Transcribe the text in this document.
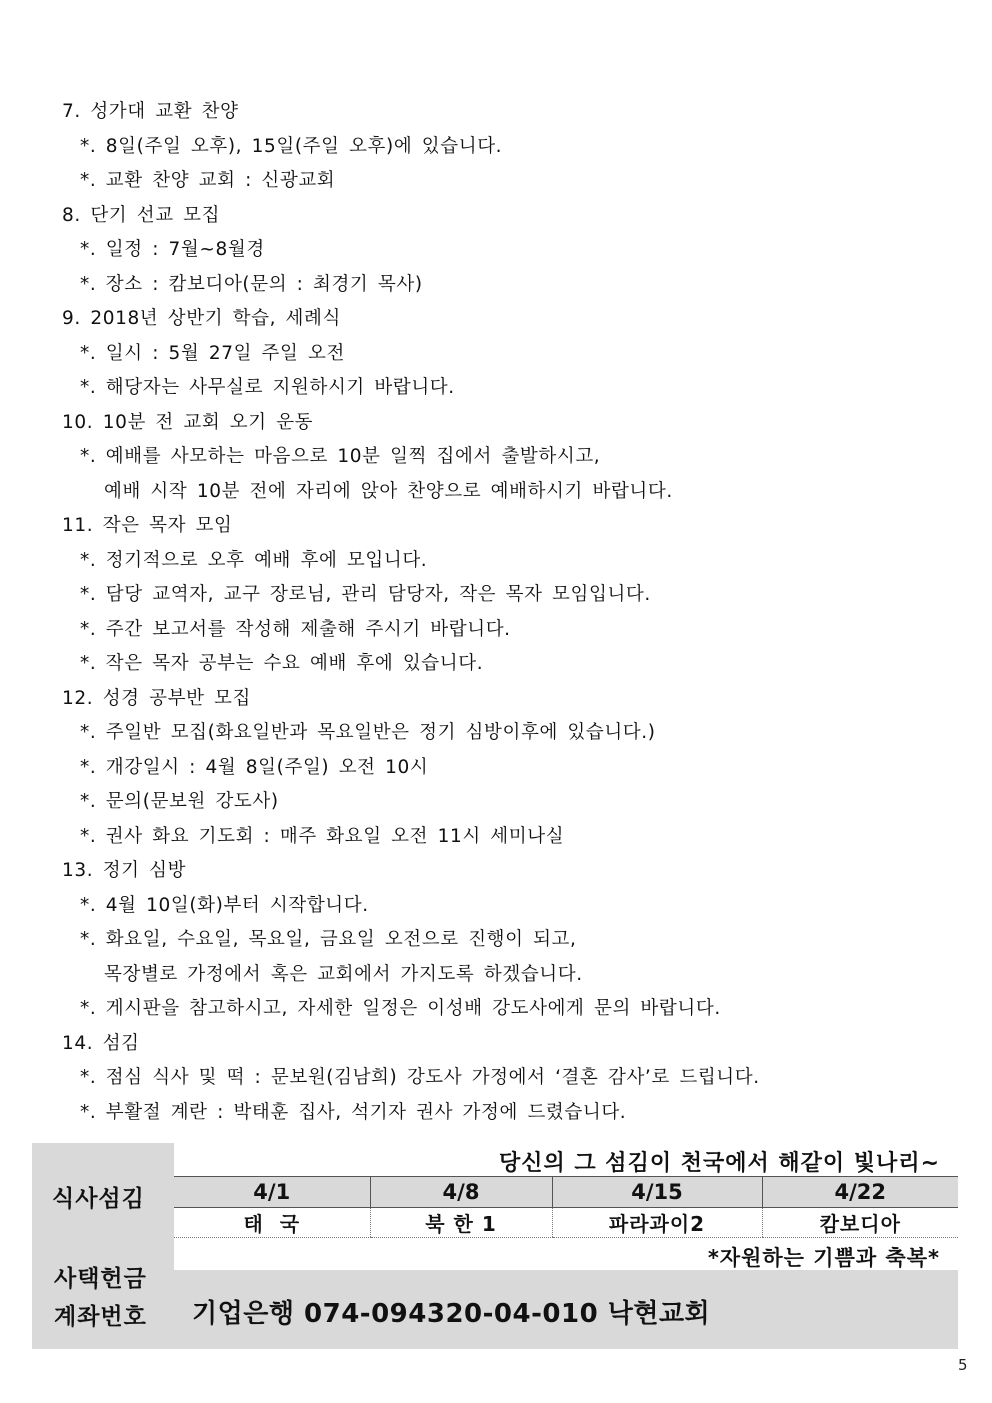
7. 성가대 교환 찬양
*. 8일(주일 오후), 15일(주일 오후)에 있습니다.
*. 교환 찬양 교회 : 신광교회
8. 단기 선교 모집
*. 일정 : 7월~8월경
*. 장소 : 캄보디아(문의 : 최경기 목사)
9. 2018년 상반기 학습, 세례식
*. 일시 : 5월 27일 주일 오전
*. 해당자는 사무실로 지원하시기 바랍니다.
10. 10분 전 교회 오기 운동
*. 예배를 사모하는 마음으로 10분 일찍 집에서 출발하시고,
예배 시작 10분 전에 자리에 앉아 찬양으로 예배하시기 바랍니다.
11. 작은 목자 모임
*. 정기적으로 오후 예배 후에 모입니다.
*. 담당 교역자, 교구 장로님, 관리 담당자, 작은 목자 모임입니다.
*. 주간 보고서를 작성해 제출해 주시기 바랍니다.
*. 작은 목자 공부는 수요 예배 후에 있습니다.
12. 성경 공부반 모집
*. 주일반 모집(화요일반과 목요일반은 정기 심방이후에 있습니다.)
*. 개강일시 : 4월 8일(주일) 오전 10시
*. 문의(문보원 강도사)
*. 권사 화요 기도회 : 매주 화요일 오전 11시 세미나실
13. 정기 심방
*. 4월 10일(화)부터 시작합니다.
*. 화요일, 수요일, 목요일, 금요일 오전으로 진행이 되고,
목장별로 가정에서 혹은 교회에서 가지도록 하겠습니다.
*. 게시판을 참고하시고, 자세한 일정은 이성배 강도사에게 문의 바랍니다.
14. 섬김
*. 점심 식사 및 떡 : 문보원(김남희) 강도사 가정에서 ‘결혼 감사’로 드립니다.
*. 부활절 계란 : 박태훈 집사, 석기자 권사 가정에 드렸습니다.
식사섬김
사택헌금
계좌번호
당신의 그 섬김이 천국에서 해같이 빛나리~
4/1	4/8	4/15	4/22
태  국	북 한 1	파라과이2	캄보디아
*자원하는 기쁨과 축복*
기업은행 074-094320-04-010 낙현교회
5
